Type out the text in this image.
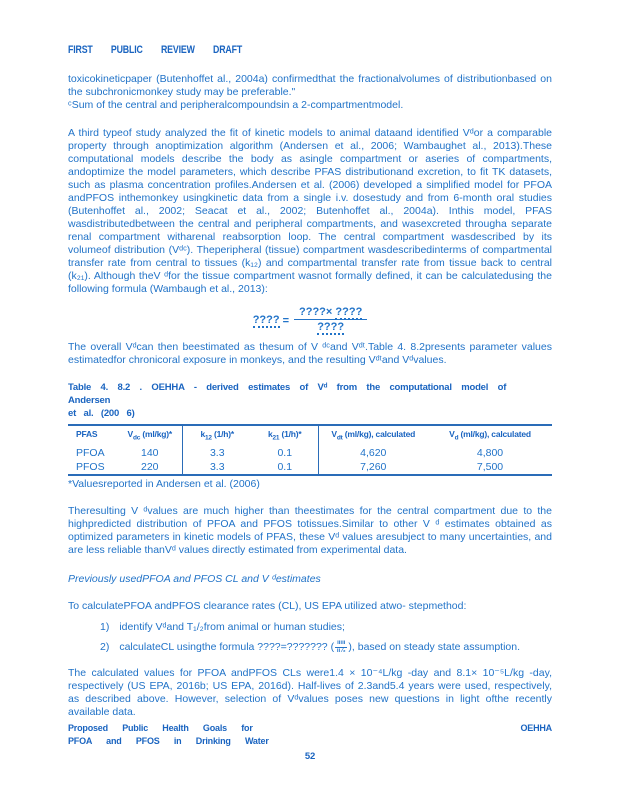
FIRST PUBLIC REVIEW DRAFT

toxicokineticpaper (Butenhoffet al., 2004a) confirmedthat the fractionalvolumes of distributionbased on the subchronicmonkey study may be preferable."

ᶜSum of the central and peripheralcompoundsin a 2-compartmentmodel.

A third typeof study analyzed the fit of kinetic models to animal dataand identified Vᵈor a comparable property through anoptimization algorithm (Andersen et al., 2006; Wambaughet al., 2013).These computational models describe the body as asingle compartment or aseries of compartments, andoptimize the model parameters, which describe PFAS distributionand excretion, to fit TK datasets, such as plasma concentration profiles.Andersen et al. (2006) developed a simplified model for PFOA andPFOS inthemonkey usingkinetic data from a single i.v. dosestudy and from 6-month oral studies (Butenhoffet al., 2002; Seacat et al., 2002; Butenhoffet al., 2004a). Inthis model, PFAS wasdistributedbetween the central and peripheral compartments, and wasexcreted througha separate renal compartment witharenal reabsorption loop. The central compartment wasdescribed by its volumeof distribution (Vᵈᶜ). Theperipheral (tissue) compartment wasdescribedinterms of compartmental transfer rate from central to tissues (k₁₂) and compartmental transfer rate from tissue back to central (k₂₁). Although theV ᵈfor the tissue compartment wasnot formally defined, it can be calculatedusing the following formula (Wambaugh et al., 2013):

???? = $\frac{????\times ????}{????}$

The overall Vᵈcan then beestimated as thesum of V ᵈᶜand Vᵈᵗ.Table 4. 8.2presents parameter values estimatedfor chronicoral exposure in monkeys, and the resulting Vᵈᵗand Vᵈvalues.

Table 4. 8.2 . OEHHA - derived estimates of Vᵈ from the computational model of Andersen
et al. (200 6)
PFAS	$V_{dc}$ (ml/kg)*	$k_{12}$ (1/h)*	$k_{21}$ (1/h)*	$V_{dt}$ (ml/kg), calculated	$V_d$ (ml/kg), calculated
PFOA	140	3.3	0.1	4,620	4,800
PFOS	220	3.3	0.1	7,260	7,500

*Valuesreported in Andersen et al. (2006)

Theresulting V ᵈvalues are much higher than theestimates for the central compartment due to the highpredicted distribution of PFOA and PFOS totissues.Similar to other V ᵈ estimates obtained as optimized parameters in kinetic models of PFAS, these Vᵈ values aresubject to many uncertainties, and are less reliable thanVᵈ values directly estimated from experimental data.

Previously usedPFOA and PFOS CL and V ᵈestimates

To calculatePFOA andPFOS clearance rates (CL), US EPA utilized atwo- stepmethod:

1) identify Vᵈand T₁/₂from animal or human studies;
2) calculateCL usingthe formula ????=??????? ( $\frac{\text{ııııı}}{\text{ıı ⁄₂}}$ ), based on steady state assumption.

The calculated values for PFOA andPFOS CLs were1.4 × 10⁻⁴L/kg -day and 8.1× 10⁻⁵L/kg -day, respectively (US EPA, 2016b; US EPA, 2016d). Half-lives of 2.3and5.4 years were used, respectively, as described above. However, selection of Vᵈvalues poses new questions in light ofthe recently available data.

Proposed Public Health Goals for	OEHHA
PFOA and PFOS in Drinking Water
52
